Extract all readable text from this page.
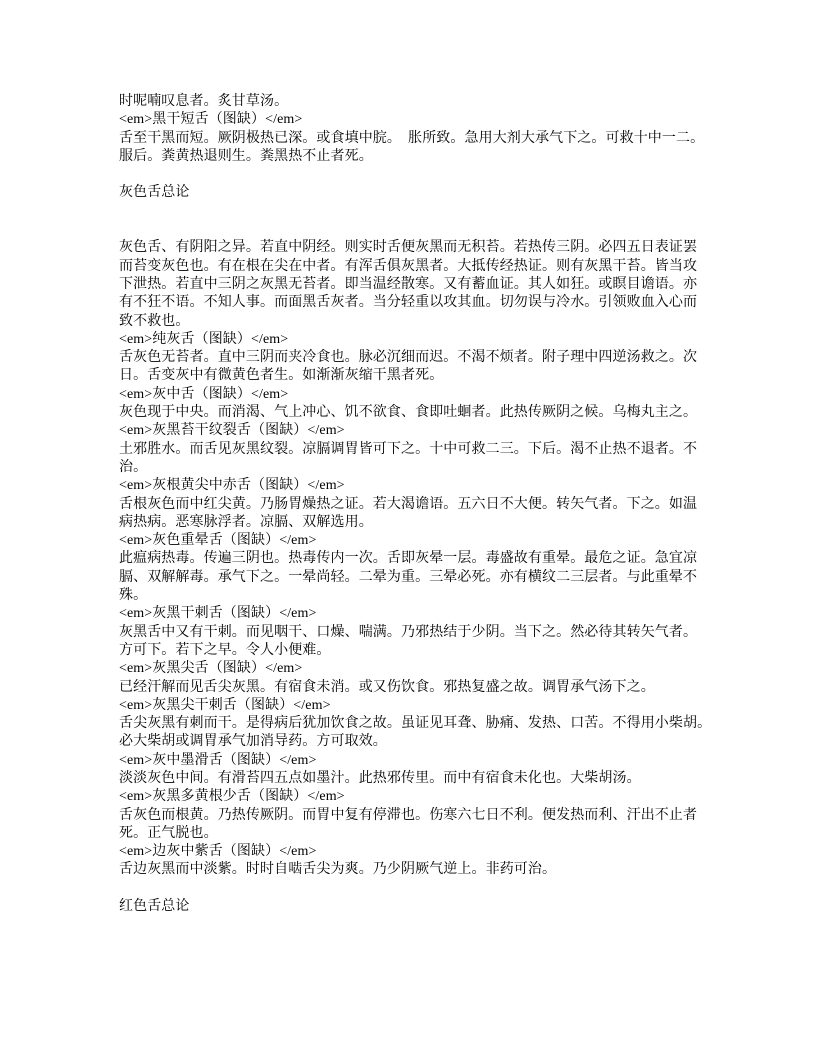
时呢喃叹息者。炙甘草汤。
<em>黑干短舌（图缺）</em>
舌至干黑而短。厥阴极热已深。或食填中脘。　胀所致。急用大剂大承气下之。可救十中一二。
服后。粪黄热退则生。粪黑热不止者死。
灰色舌总论
灰色舌、有阴阳之异。若直中阴经。则实时舌便灰黑而无积苔。若热传三阴。必四五日表证罢
而苔变灰色也。有在根在尖在中者。有浑舌俱灰黑者。大抵传经热证。则有灰黑干苔。皆当攻
下泄热。若直中三阴之灰黑无苔者。即当温经散寒。又有蓄血证。其人如狂。或瞑目谵语。亦
有不狂不语。不知人事。而面黑舌灰者。当分轻重以攻其血。切勿误与冷水。引领败血入心而
致不救也。
<em>纯灰舌（图缺）</em>
舌灰色无苔者。直中三阴而夹冷食也。脉必沉细而迟。不渴不烦者。附子理中四逆汤救之。次
日。舌变灰中有微黄色者生。如渐渐灰缩干黑者死。
<em>灰中舌（图缺）</em>
灰色现于中央。而消渴、气上冲心、饥不欲食、食即吐蛔者。此热传厥阴之候。乌梅丸主之。
<em>灰黑苔干纹裂舌（图缺）</em>
土邪胜水。而舌见灰黑纹裂。凉膈调胃皆可下之。十中可救二三。下后。渴不止热不退者。不
治。
<em>灰根黄尖中赤舌（图缺）</em>
舌根灰色而中红尖黄。乃肠胃燥热之证。若大渴谵语。五六日不大便。转矢气者。下之。如温
病热病。恶寒脉浮者。凉膈、双解选用。
<em>灰色重晕舌（图缺）</em>
此瘟病热毒。传遍三阴也。热毒传内一次。舌即灰晕一层。毒盛故有重晕。最危之证。急宜凉
膈、双解解毒。承气下之。一晕尚轻。二晕为重。三晕必死。亦有横纹二三层者。与此重晕不
殊。
<em>灰黑干刺舌（图缺）</em>
灰黑舌中又有干刺。而见咽干、口燥、喘满。乃邪热结于少阴。当下之。然必待其转矢气者。
方可下。若下之早。令人小便难。
<em>灰黑尖舌（图缺）</em>
已经汗解而见舌尖灰黑。有宿食未消。或又伤饮食。邪热复盛之故。调胃承气汤下之。
<em>灰黑尖干刺舌（图缺）</em>
舌尖灰黑有刺而干。是得病后犹加饮食之故。虽证见耳聋、胁痛、发热、口苦。不得用小柴胡。
必大柴胡或调胃承气加消导药。方可取效。
<em>灰中墨滑舌（图缺）</em>
淡淡灰色中间。有滑苔四五点如墨汁。此热邪传里。而中有宿食未化也。大柴胡汤。
<em>灰黑多黄根少舌（图缺）</em>
舌灰色而根黄。乃热传厥阴。而胃中复有停滞也。伤寒六七日不利。便发热而利、汗出不止者
死。正气脱也。
<em>边灰中紫舌（图缺）</em>
舌边灰黑而中淡紫。时时自啮舌尖为爽。乃少阴厥气逆上。非药可治。
红色舌总论
